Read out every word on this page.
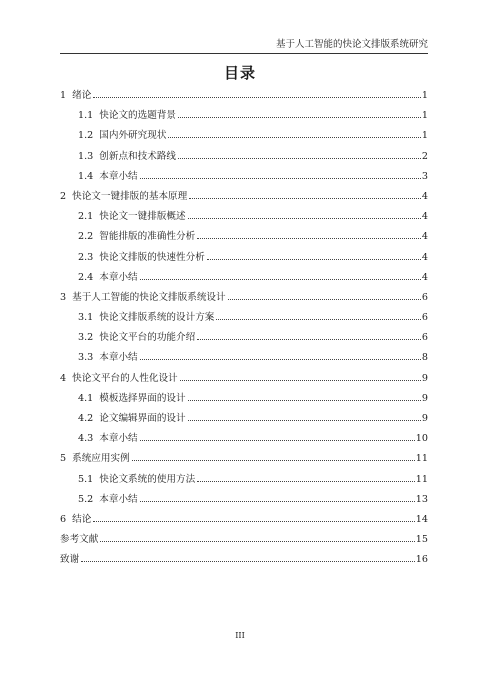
基于人工智能的快论文排版系统研究
目录
1 绪论	1
1.1 快论文的选题背景	1
1.2 国内外研究现状	1
1.3 创新点和技术路线	2
1.4 本章小结	3
2 快论文一键排版的基本原理	4
2.1 快论文一键排版概述	4
2.2 智能排版的准确性分析	4
2.3 快论文排版的快速性分析	4
2.4 本章小结	4
3 基于人工智能的快论文排版系统设计	6
3.1 快论文排版系统的设计方案	6
3.2 快论文平台的功能介绍	6
3.3 本章小结	8
4 快论文平台的人性化设计	9
4.1 模板选择界面的设计	9
4.2 论文编辑界面的设计	9
4.3 本章小结	10
5 系统应用实例	11
5.1 快论文系统的使用方法	11
5.2 本章小结	13
6 结论	14
参考文献	15
致谢	16
III
